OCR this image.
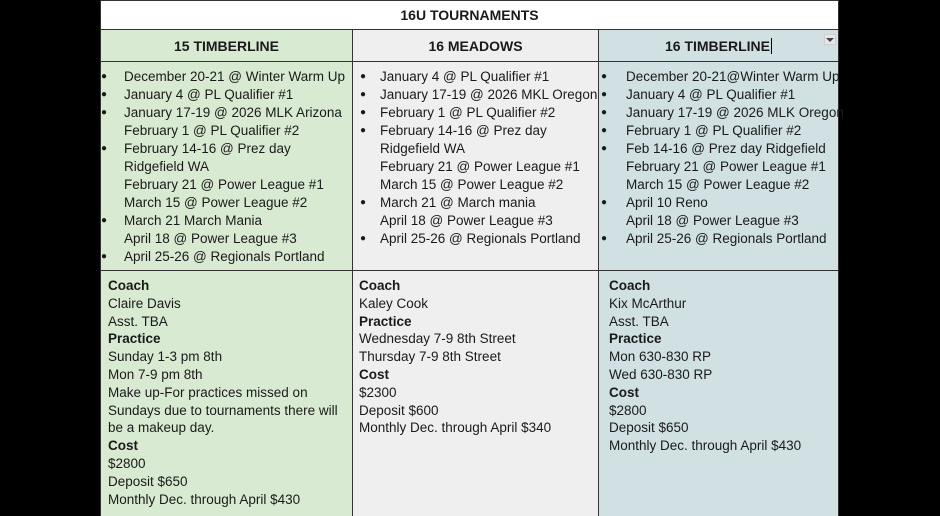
16U TOURNAMENTS
15 TIMBERLINE
● December 20-21 @ Winter Warm Up
● January 4 @ PL Qualifier #1
● January 17-19 @ 2026 MLK Arizona
February 1 @ PL Qualifier #2
● February 14-16 @ Prez day
Ridgefield WA
February 21 @ Power League #1
March 15 @ Power League #2
● March 21 March Mania
April 18 @ Power League #3
● April 25-26 @ Regionals Portland
Coach
Claire Davis
Asst. TBA
Practice
Sunday 1-3 pm 8th
Mon 7-9 pm 8th
Make up-For practices missed on
Sundays due to tournaments there will
be a makeup day.
Cost
$2800
Deposit $650
Monthly Dec. through April $430
16 MEADOWS
● January 4 @ PL Qualifier #1
● January 17-19 @ 2026 MKL Oregon
● February 1 @ PL Qualifier #2
● February 14-16 @ Prez day
Ridgefield WA
February 21 @ Power League #1
March 15 @ Power League #2
● March 21 @ March mania
April 18 @ Power League #3
● April 25-26 @ Regionals Portland
Coach
Kaley Cook
Practice
Wednesday 7-9 8th Street
Thursday 7-9 8th Street
Cost
$2300
Deposit $600
Monthly Dec. through April $340
16 TIMBERLINE
● December 20-21@Winter Warm Up
● January 4 @ PL Qualifier #1
● January 17-19 @ 2026 MLK Oregon
● February 1 @ PL Qualifier #2
● Feb 14-16 @ Prez day Ridgefield
February 21 @ Power League #1
March 15 @ Power League #2
● April 10 Reno
April 18 @ Power League #3
● April 25-26 @ Regionals Portland
Coach
Kix McArthur
Asst. TBA
Practice
Mon 630-830 RP
Wed 630-830 RP
Cost
$2800
Deposit $650
Monthly Dec. through April $430
